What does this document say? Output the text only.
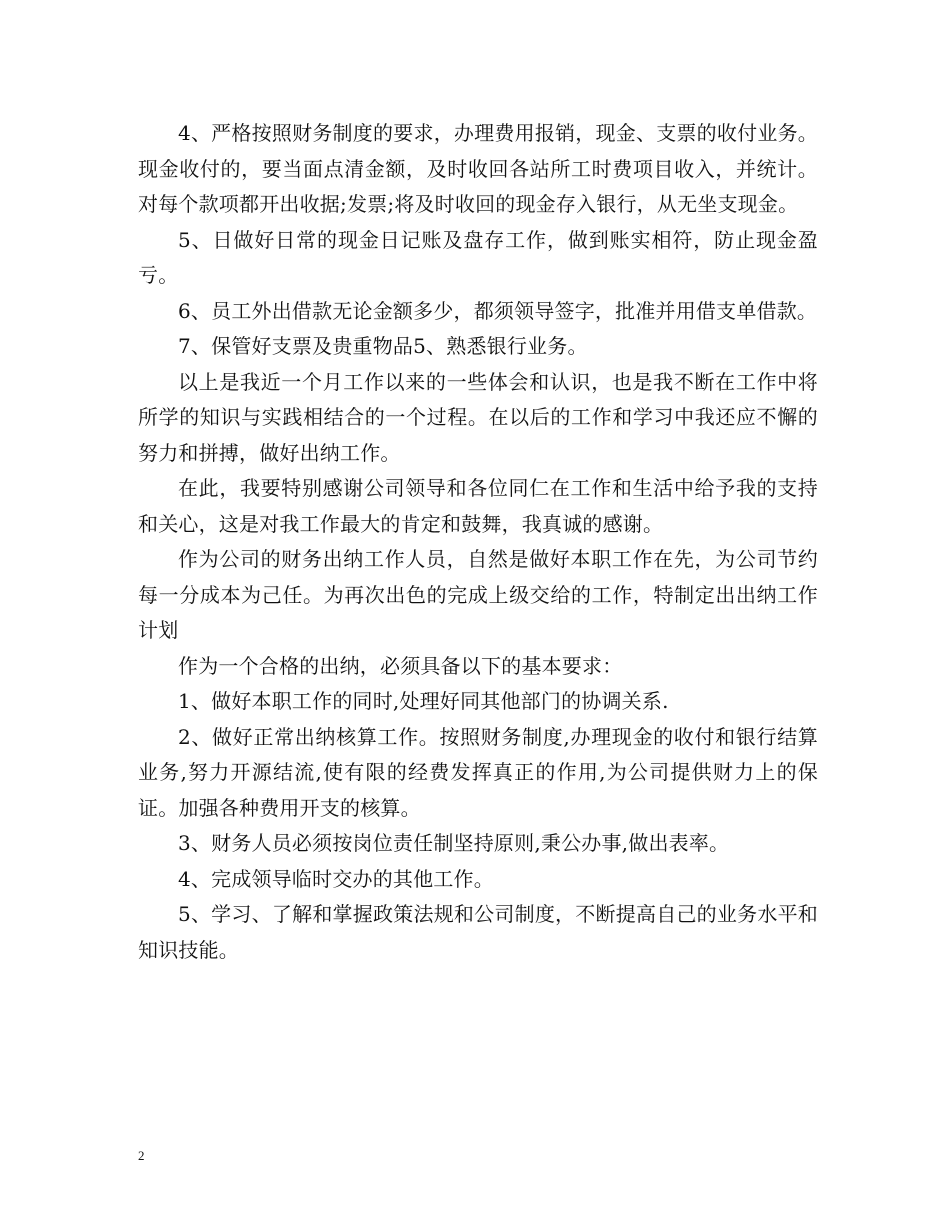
4、严格按照财务制度的要求，办理费用报销，现金、支票的收付业务。现金收付的，要当面点清金额，及时收回各站所工时费项目收入，并统计。对每个款项都开出收据;发票;将及时收回的现金存入银行，从无坐支现金。

5、日做好日常的现金日记账及盘存工作，做到账实相符，防止现金盈亏。

6、员工外出借款无论金额多少，都须领导签字，批准并用借支单借款。

7、保管好支票及贵重物品5、熟悉银行业务。

以上是我近一个月工作以来的一些体会和认识，也是我不断在工作中将所学的知识与实践相结合的一个过程。在以后的工作和学习中我还应不懈的努力和拼搏，做好出纳工作。

在此，我要特别感谢公司领导和各位同仁在工作和生活中给予我的支持和关心，这是对我工作最大的肯定和鼓舞，我真诚的感谢。

作为公司的财务出纳工作人员，自然是做好本职工作在先，为公司节约每一分成本为己任。为再次出色的完成上级交给的工作，特制定出出纳工作计划

作为一个合格的出纳，必须具备以下的基本要求：

1、做好本职工作的同时,处理好同其他部门的协调关系.

2、做好正常出纳核算工作。按照财务制度,办理现金的收付和银行结算业务,努力开源结流,使有限的经费发挥真正的作用,为公司提供财力上的保证。加强各种费用开支的核算。

3、财务人员必须按岗位责任制坚持原则,秉公办事,做出表率。

4、完成领导临时交办的其他工作。

5、学习、了解和掌握政策法规和公司制度，不断提高自己的业务水平和知识技能。

2
